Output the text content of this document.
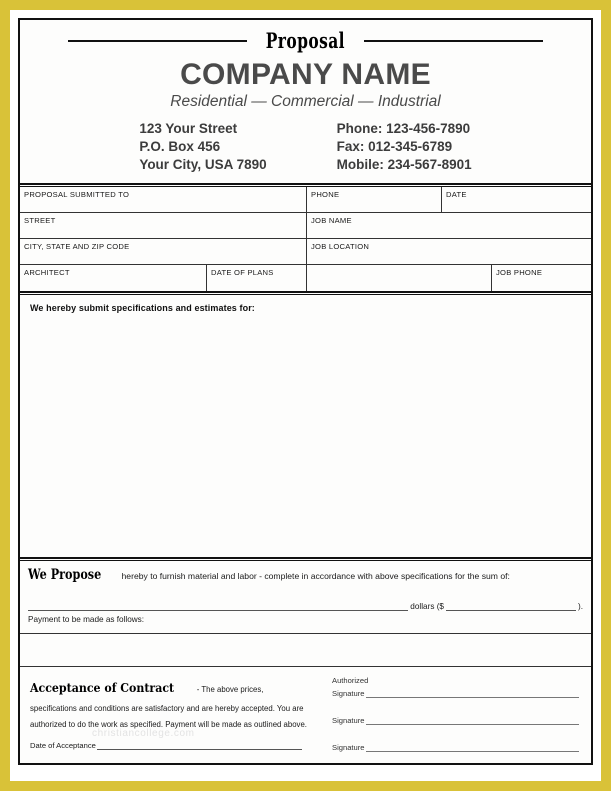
Proposal
COMPANY NAME
Residential — Commercial — Industrial
123 Your Street
P.O. Box 456
Your City, USA 7890
Phone: 123-456-7890
Fax: 012-345-6789
Mobile: 234-567-8901
PROPOSAL SUBMITTED TO	PHONE	DATE
STREET	JOB NAME
CITY, STATE AND ZIP CODE	JOB LOCATION
ARCHITECT	DATE OF PLANS	JOB PHONE
We hereby submit specifications and estimates for:
We Propose hereby to furnish material and labor - complete in accordance with above specifications for the sum of:
dollars ($	).
Payment to be made as follows:
Acceptance of Contract	- The above prices, specifications and conditions are satisfactory and are hereby accepted. You are authorized to do the work as specified. Payment will be made as outlined above.
christiancollege.com
Date of Acceptance
Authorized
Signature
Signature
Signature
